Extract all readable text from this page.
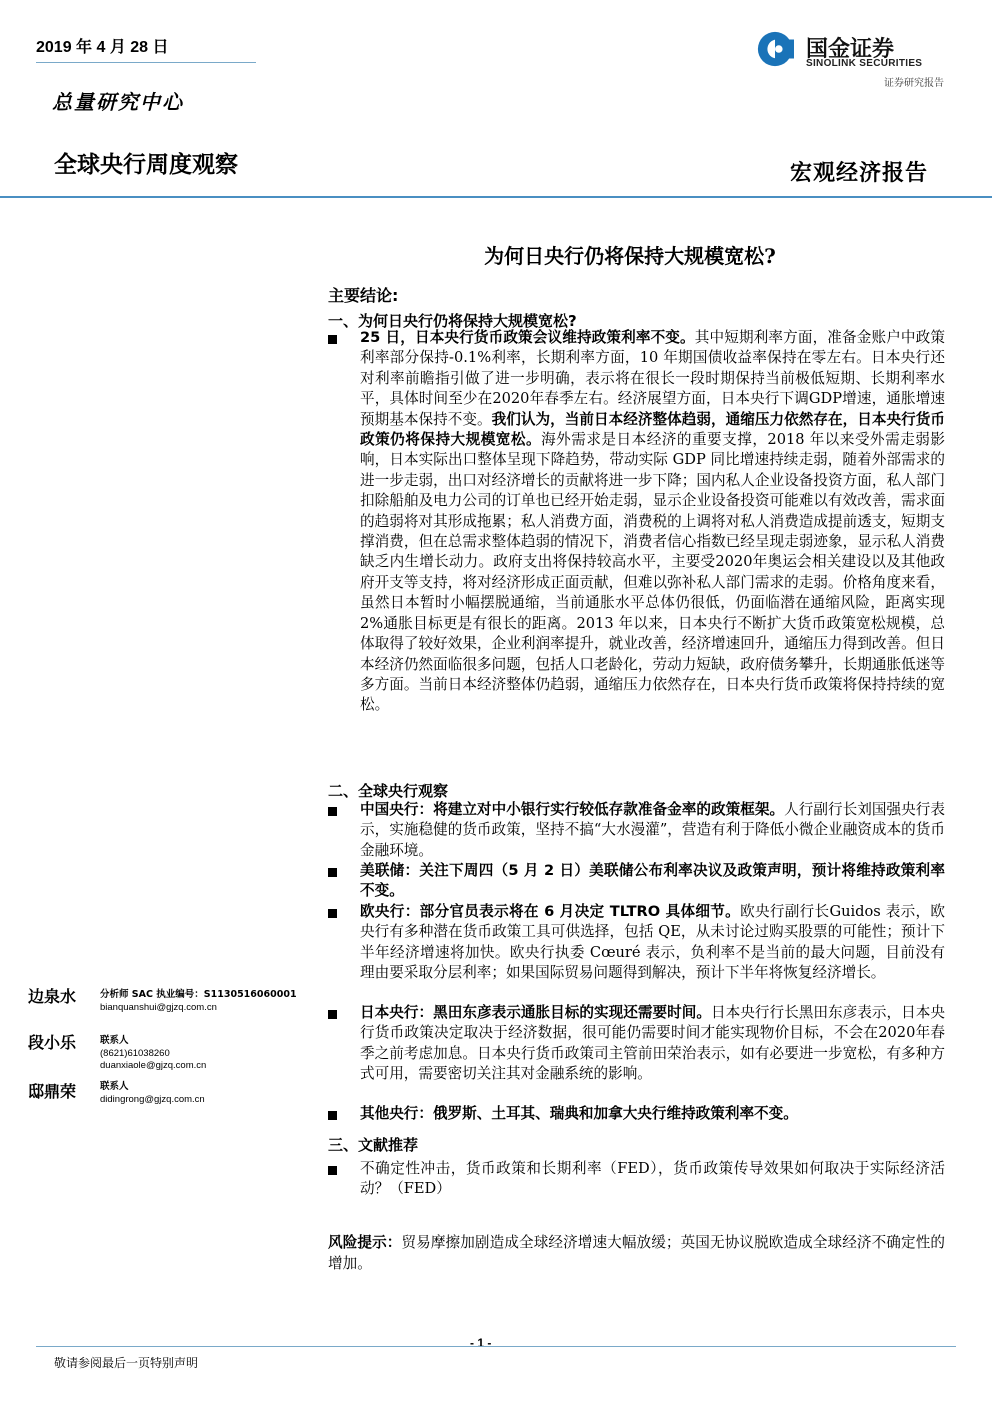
2019 年 4 月 28 日
总量研究中心
全球央行周度观察	宏观经济报告
国金证券
SINOLINK SECURITIES
证券研究报告
为何日央行仍将保持大规模宽松?
主要结论:
一、为何日央行仍将保持大规模宽松?
25 日，日本央行货币政策会议维持政策利率不变。其中短期利率方面，准备金账户中政策利率部分保持-0.1%利率，长期利率方面，10 年期国债收益率保持在零左右。日本央行还对利率前瞻指引做了进一步明确，表示将在很长一段时期保持当前极低短期、长期利率水平，具体时间至少在2020年春季左右。经济展望方面，日本央行下调GDP增速，通胀增速预期基本保持不变。我们认为，当前日本经济整体趋弱，通缩压力依然存在，日本央行货币政策仍将保持大规模宽松。海外需求是日本经济的重要支撑，2018 年以来受外需走弱影响，日本实际出口整体呈现下降趋势，带动实际 GDP 同比增速持续走弱，随着外部需求的进一步走弱，出口对经济增长的贡献将进一步下降；国内私人企业设备投资方面，私人部门扣除船舶及电力公司的订单也已经开始走弱，显示企业设备投资可能难以有效改善，需求面的趋弱将对其形成拖累；私人消费方面，消费税的上调将对私人消费造成提前透支，短期支撑消费，但在总需求整体趋弱的情况下，消费者信心指数已经呈现走弱迹象，显示私人消费缺乏内生增长动力。政府支出将保持较高水平，主要受2020年奥运会相关建设以及其他政府开支等支持，将对经济形成正面贡献，但难以弥补私人部门需求的走弱。价格角度来看，虽然日本暂时小幅摆脱通缩，当前通胀水平总体仍很低，仍面临潜在通缩风险，距离实现 2%通胀目标更是有很长的距离。2013 年以来，日本央行不断扩大货币政策宽松规模，总体取得了较好效果，企业利润率提升，就业改善，经济增速回升，通缩压力得到改善。但日本经济仍然面临很多问题，包括人口老龄化，劳动力短缺，政府债务攀升，长期通胀低迷等多方面。当前日本经济整体仍趋弱，通缩压力依然存在，日本央行货币政策将保持持续的宽松。
二、全球央行观察
中国央行：将建立对中小银行实行较低存款准备金率的政策框架。人行副行长刘国强央行表示，实施稳健的货币政策，坚持不搞“大水漫灌”，营造有利于降低小微企业融资成本的货币金融环境。
美联储：关注下周四（5 月 2 日）美联储公布利率决议及政策声明，预计将维持政策利率不变。
欧央行：部分官员表示将在 6 月决定 TLTRO 具体细节。欧央行副行长Guidos 表示，欧央行有多种潜在货币政策工具可供选择，包括 QE，从未讨论过购买股票的可能性；预计下半年经济增速将加快。欧央行执委 Cœuré 表示，负利率不是当前的最大问题，目前没有理由要采取分层利率；如果国际贸易问题得到解决，预计下半年将恢复经济增长。
日本央行：黑田东彦表示通胀目标的实现还需要时间。日本央行行长黑田东彦表示，日本央行货币政策决定取决于经济数据，很可能仍需要时间才能实现物价目标，不会在2020年春季之前考虑加息。日本央行货币政策司主管前田荣治表示，如有必要进一步宽松，有多种方式可用，需要密切关注其对金融系统的影响。
其他央行：俄罗斯、土耳其、瑞典和加拿大央行维持政策利率不变。
三、文献推荐
不确定性冲击，货币政策和长期利率（FED），货币政策传导效果如何取决于实际经济活动？（FED）
边泉水	分析师 SAC 执业编号：S1130516060001
bianquanshui@gjzq.com.cn
段小乐	联系人
(8621)61038260
duanxiaole@gjzq.com.cn
邸鼎荣	联系人
didingrong@gjzq.com.cn
风险提示：贸易摩擦加剧造成全球经济增速大幅放缓；英国无协议脱欧造成全球经济不确定性的增加。
- 1 -
敬请参阅最后一页特别声明
